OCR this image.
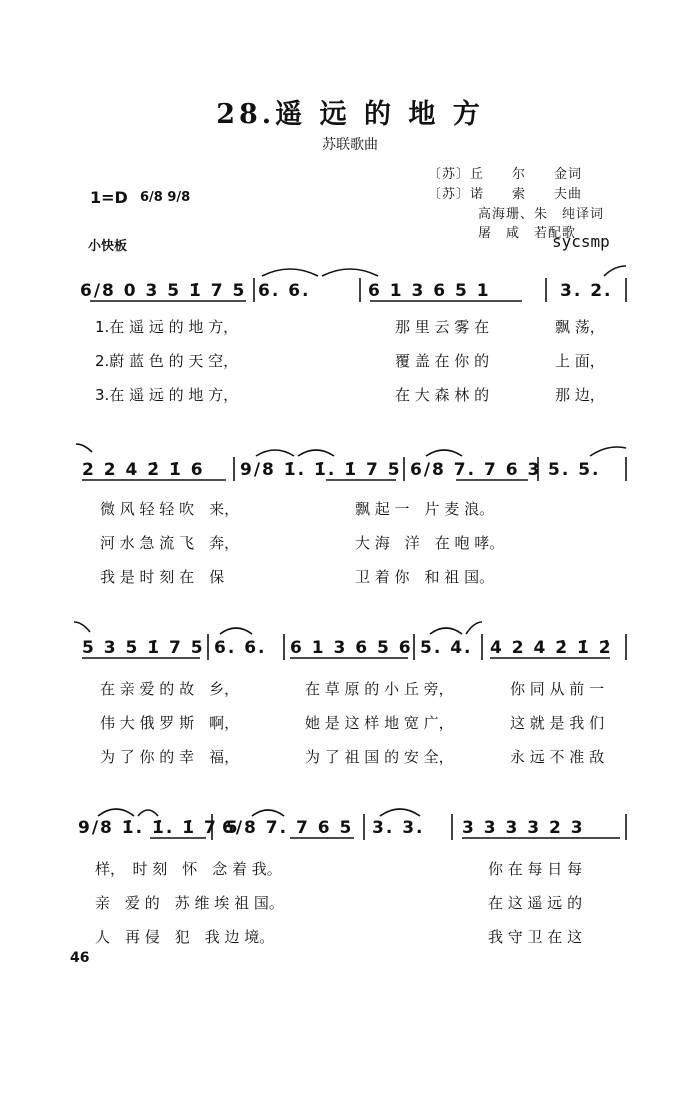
28.遥 远 的 地 方
苏联歌曲
〔苏〕丘　　尔　　金词
〔苏〕诺　　索　　夫曲
高海珊、朱　纯译词
屠　咸　若配歌
1=D 6/8 9/8
小快板	sycsmp
6/8 0 3 5 1̇ 7 5 6. 6.	6 1 3 6 5 1	3. 2.
1.在 遥 远 的 地 方，	那 里 云 雾 在	飘 荡，
2.蔚 蓝 色 的 天 空，	覆 盖 在 你 的	上 面，
3.在 遥 远 的 地 方，	在 大 森 林 的	那 边，
2 2 4 2̇ 1̇ 6 9/8 1̇. 1̇. 1̇ 7 5 6/8 7. 7 6 3 5. 5.
微 风 轻 轻 吹　来，	飘 起 一　片 麦 浪。
河 水 急 流 飞　奔，	大 海　洋　在 咆 哮。
我 是 时 刻 在　保	卫 着 你　和 祖 国。
5 3 5 1̇ 7 5 6. 6. 6 1 3 6 5 6 5. 4. 4 2 4 2̇ 1̇ 2̇
在 亲 爱 的 故　乡，	在 草 原 的 小 丘 旁，	你 同 从 前 一
伟 大 俄 罗 斯　啊，	她 是 这 样 地 宽 广，	这 就 是 我 们
为 了 你 的 幸　福，	为 了 祖 国 的 安 全，	永 远 不 准 敌
9/8 1̇. 1̇. 1̇ 7 5
6/8 7. 7 6 5 3. 3. 3 3 3 3 2 3
样，　时 刻　怀　念 着 我。	你 在 每 日 每
亲　爱 的　苏 维 埃 祖 国。	在 这 遥 远 的
人　再 侵　犯　我 边 境。	我 守 卫 在 这
46
